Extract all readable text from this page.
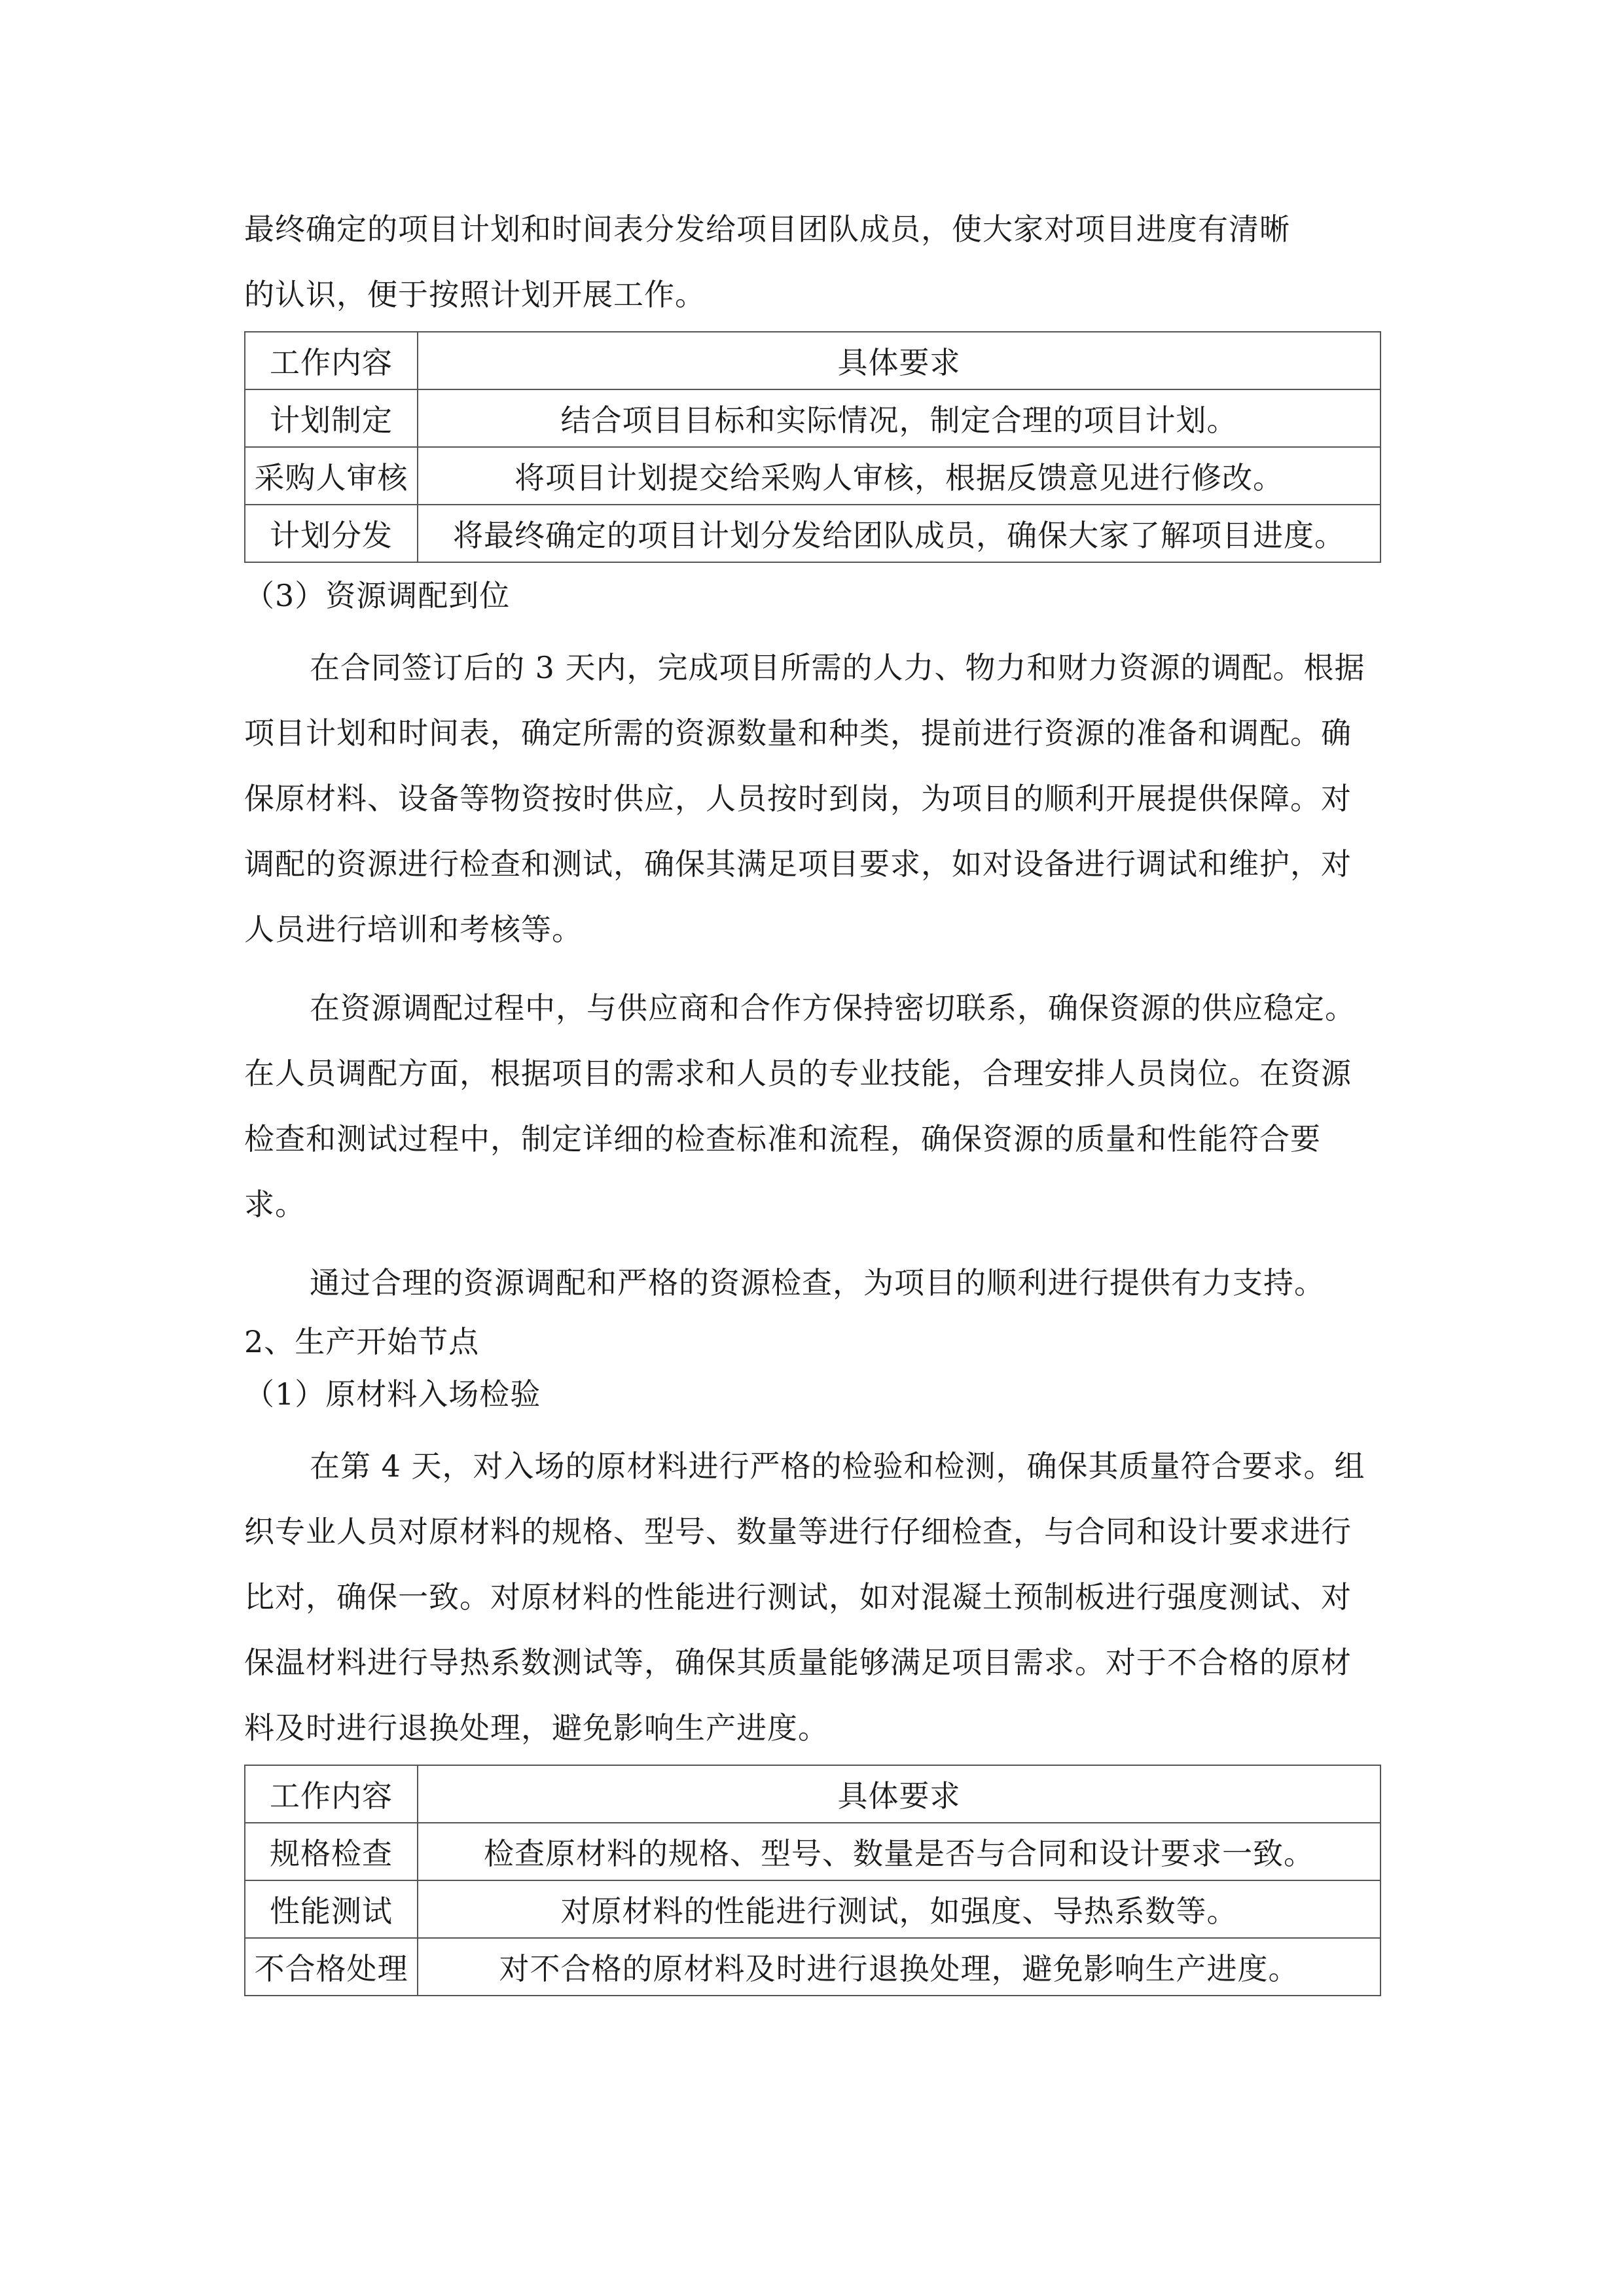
最终确定的项目计划和时间表分发给项目团队成员，使大家对项目进度有清晰

的认识，便于按照计划开展工作。

工作内容	具体要求
计划制定	结合项目目标和实际情况，制定合理的项目计划。
采购人审核	将项目计划提交给采购人审核，根据反馈意见进行修改。
计划分发	将最终确定的项目计划分发给团队成员，确保大家了解项目进度。

（3）资源调配到位

在合同签订后的 3 天内，完成项目所需的人力、物力和财力资源的调配。根据项目计划和时间表，确定所需的资源数量和种类，提前进行资源的准备和调配。确保原材料、设备等物资按时供应，人员按时到岗，为项目的顺利开展提供保障。对调配的资源进行检查和测试，确保其满足项目要求，如对设备进行调试和维护，对人员进行培训和考核等。

在资源调配过程中，与供应商和合作方保持密切联系，确保资源的供应稳定。在人员调配方面，根据项目的需求和人员的专业技能，合理安排人员岗位。在资源检查和测试过程中，制定详细的检查标准和流程，确保资源的质量和性能符合要求。

通过合理的资源调配和严格的资源检查，为项目的顺利进行提供有力支持。

2、生产开始节点

（1）原材料入场检验

在第 4 天，对入场的原材料进行严格的检验和检测，确保其质量符合要求。组织专业人员对原材料的规格、型号、数量等进行仔细检查，与合同和设计要求进行比对，确保一致。对原材料的性能进行测试，如对混凝土预制板进行强度测试、对保温材料进行导热系数测试等，确保其质量能够满足项目需求。对于不合格的原材料及时进行退换处理，避免影响生产进度。

工作内容	具体要求
规格检查	检查原材料的规格、型号、数量是否与合同和设计要求一致。
性能测试	对原材料的性能进行测试，如强度、导热系数等。
不合格处理	对不合格的原材料及时进行退换处理，避免影响生产进度。
